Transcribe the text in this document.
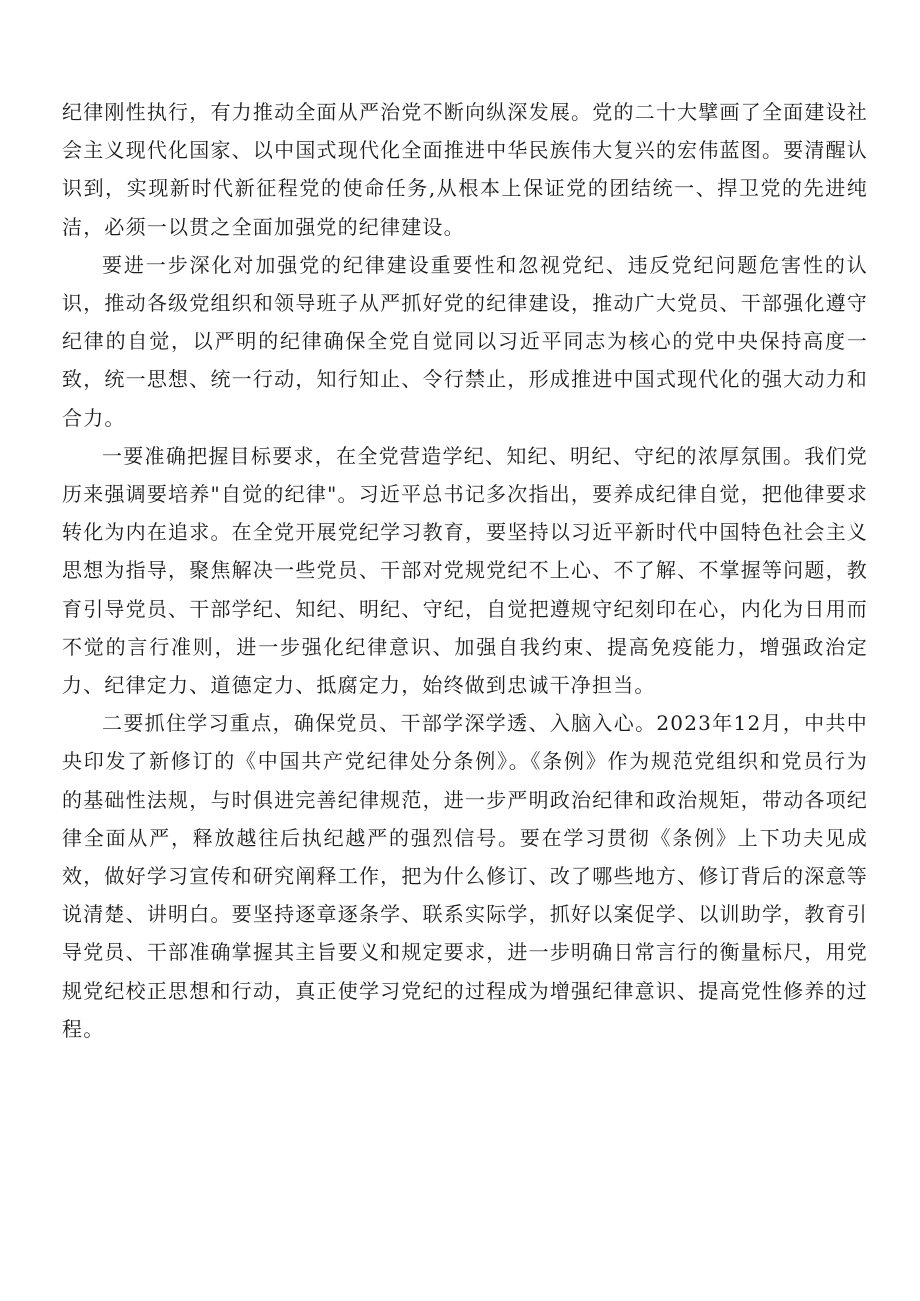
纪律刚性执行，有力推动全面从严治党不断向纵深发展。党的二十大擘画了全面建设社会主义现代化国家、以中国式现代化全面推进中华民族伟大复兴的宏伟蓝图。要清醒认识到，实现新时代新征程党的使命任务,从根本上保证党的团结统一、捍卫党的先进纯洁，必须一以贯之全面加强党的纪律建设。

要进一步深化对加强党的纪律建设重要性和忽视党纪、违反党纪问题危害性的认识，推动各级党组织和领导班子从严抓好党的纪律建设，推动广大党员、干部强化遵守纪律的自觉，以严明的纪律确保全党自觉同以习近平同志为核心的党中央保持高度一致，统一思想、统一行动，知行知止、令行禁止，形成推进中国式现代化的强大动力和合力。

一要准确把握目标要求，在全党营造学纪、知纪、明纪、守纪的浓厚氛围。我们党历来强调要培养"自觉的纪律"。习近平总书记多次指出，要养成纪律自觉，把他律要求转化为内在追求。在全党开展党纪学习教育，要坚持以习近平新时代中国特色社会主义思想为指导，聚焦解决一些党员、干部对党规党纪不上心、不了解、不掌握等问题，教育引导党员、干部学纪、知纪、明纪、守纪，自觉把遵规守纪刻印在心，内化为日用而不觉的言行准则，进一步强化纪律意识、加强自我约束、提高免疫能力，增强政治定力、纪律定力、道德定力、抵腐定力，始终做到忠诚干净担当。

二要抓住学习重点，确保党员、干部学深学透、入脑入心。2023年12月，中共中央印发了新修订的《中国共产党纪律处分条例》。《条例》作为规范党组织和党员行为的基础性法规，与时俱进完善纪律规范，进一步严明政治纪律和政治规矩，带动各项纪律全面从严，释放越往后执纪越严的强烈信号。要在学习贯彻《条例》上下功夫见成效，做好学习宣传和研究阐释工作，把为什么修订、改了哪些地方、修订背后的深意等说清楚、讲明白。要坚持逐章逐条学、联系实际学，抓好以案促学、以训助学，教育引导党员、干部准确掌握其主旨要义和规定要求，进一步明确日常言行的衡量标尺，用党规党纪校正思想和行动，真正使学习党纪的过程成为增强纪律意识、提高党性修养的过程。
